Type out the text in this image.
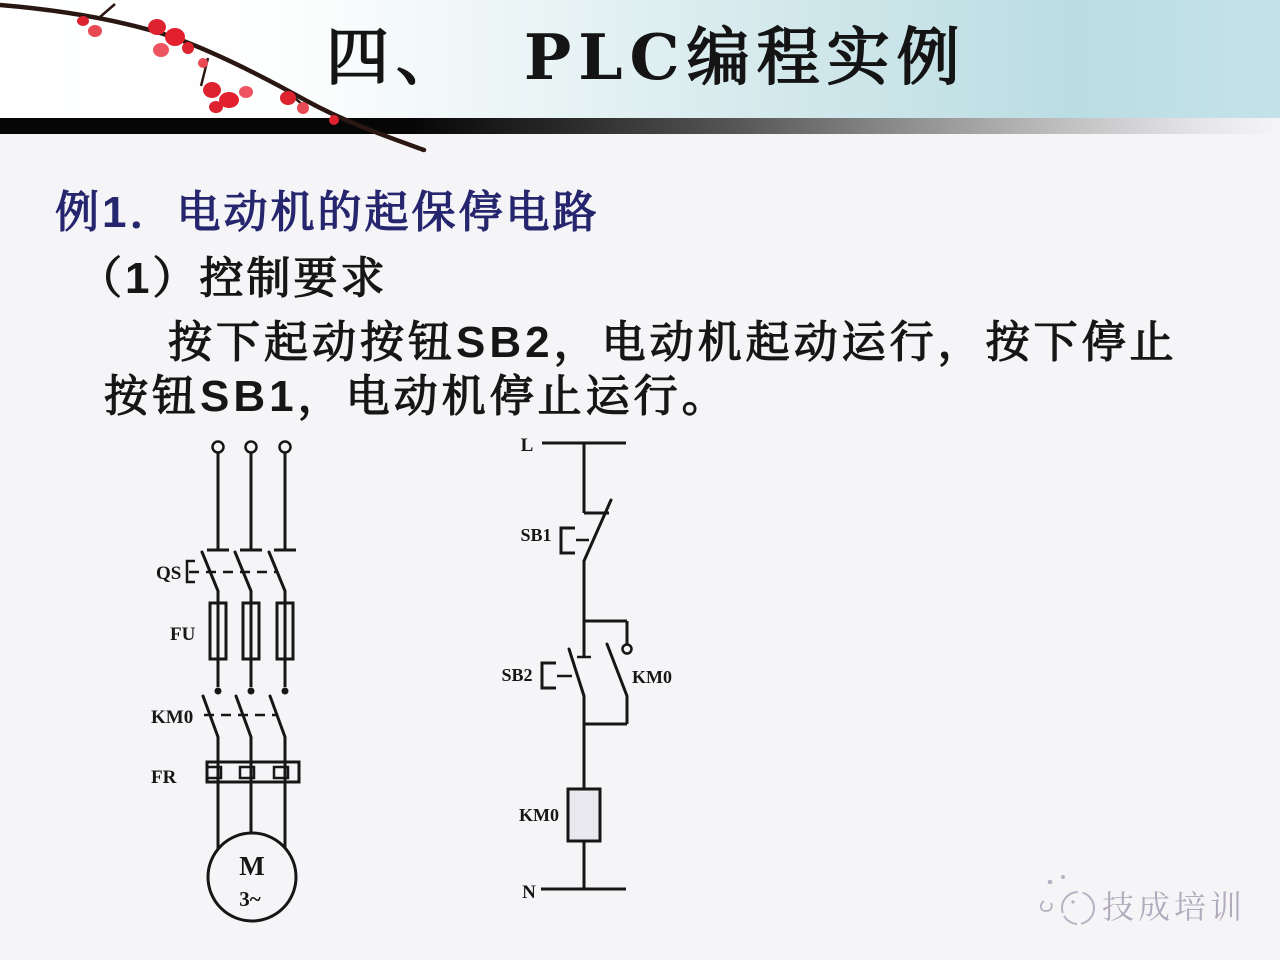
四、  PLC编程实例
例1．电动机的起保停电路
（1）控制要求
按下起动按钮SB2，电动机起动运行，按下停止
按钮SB1，电动机停止运行。
M
3~
QS
FU
KM0
FR
L
SB1
KM0
SB2
KM0
N	技成培训
